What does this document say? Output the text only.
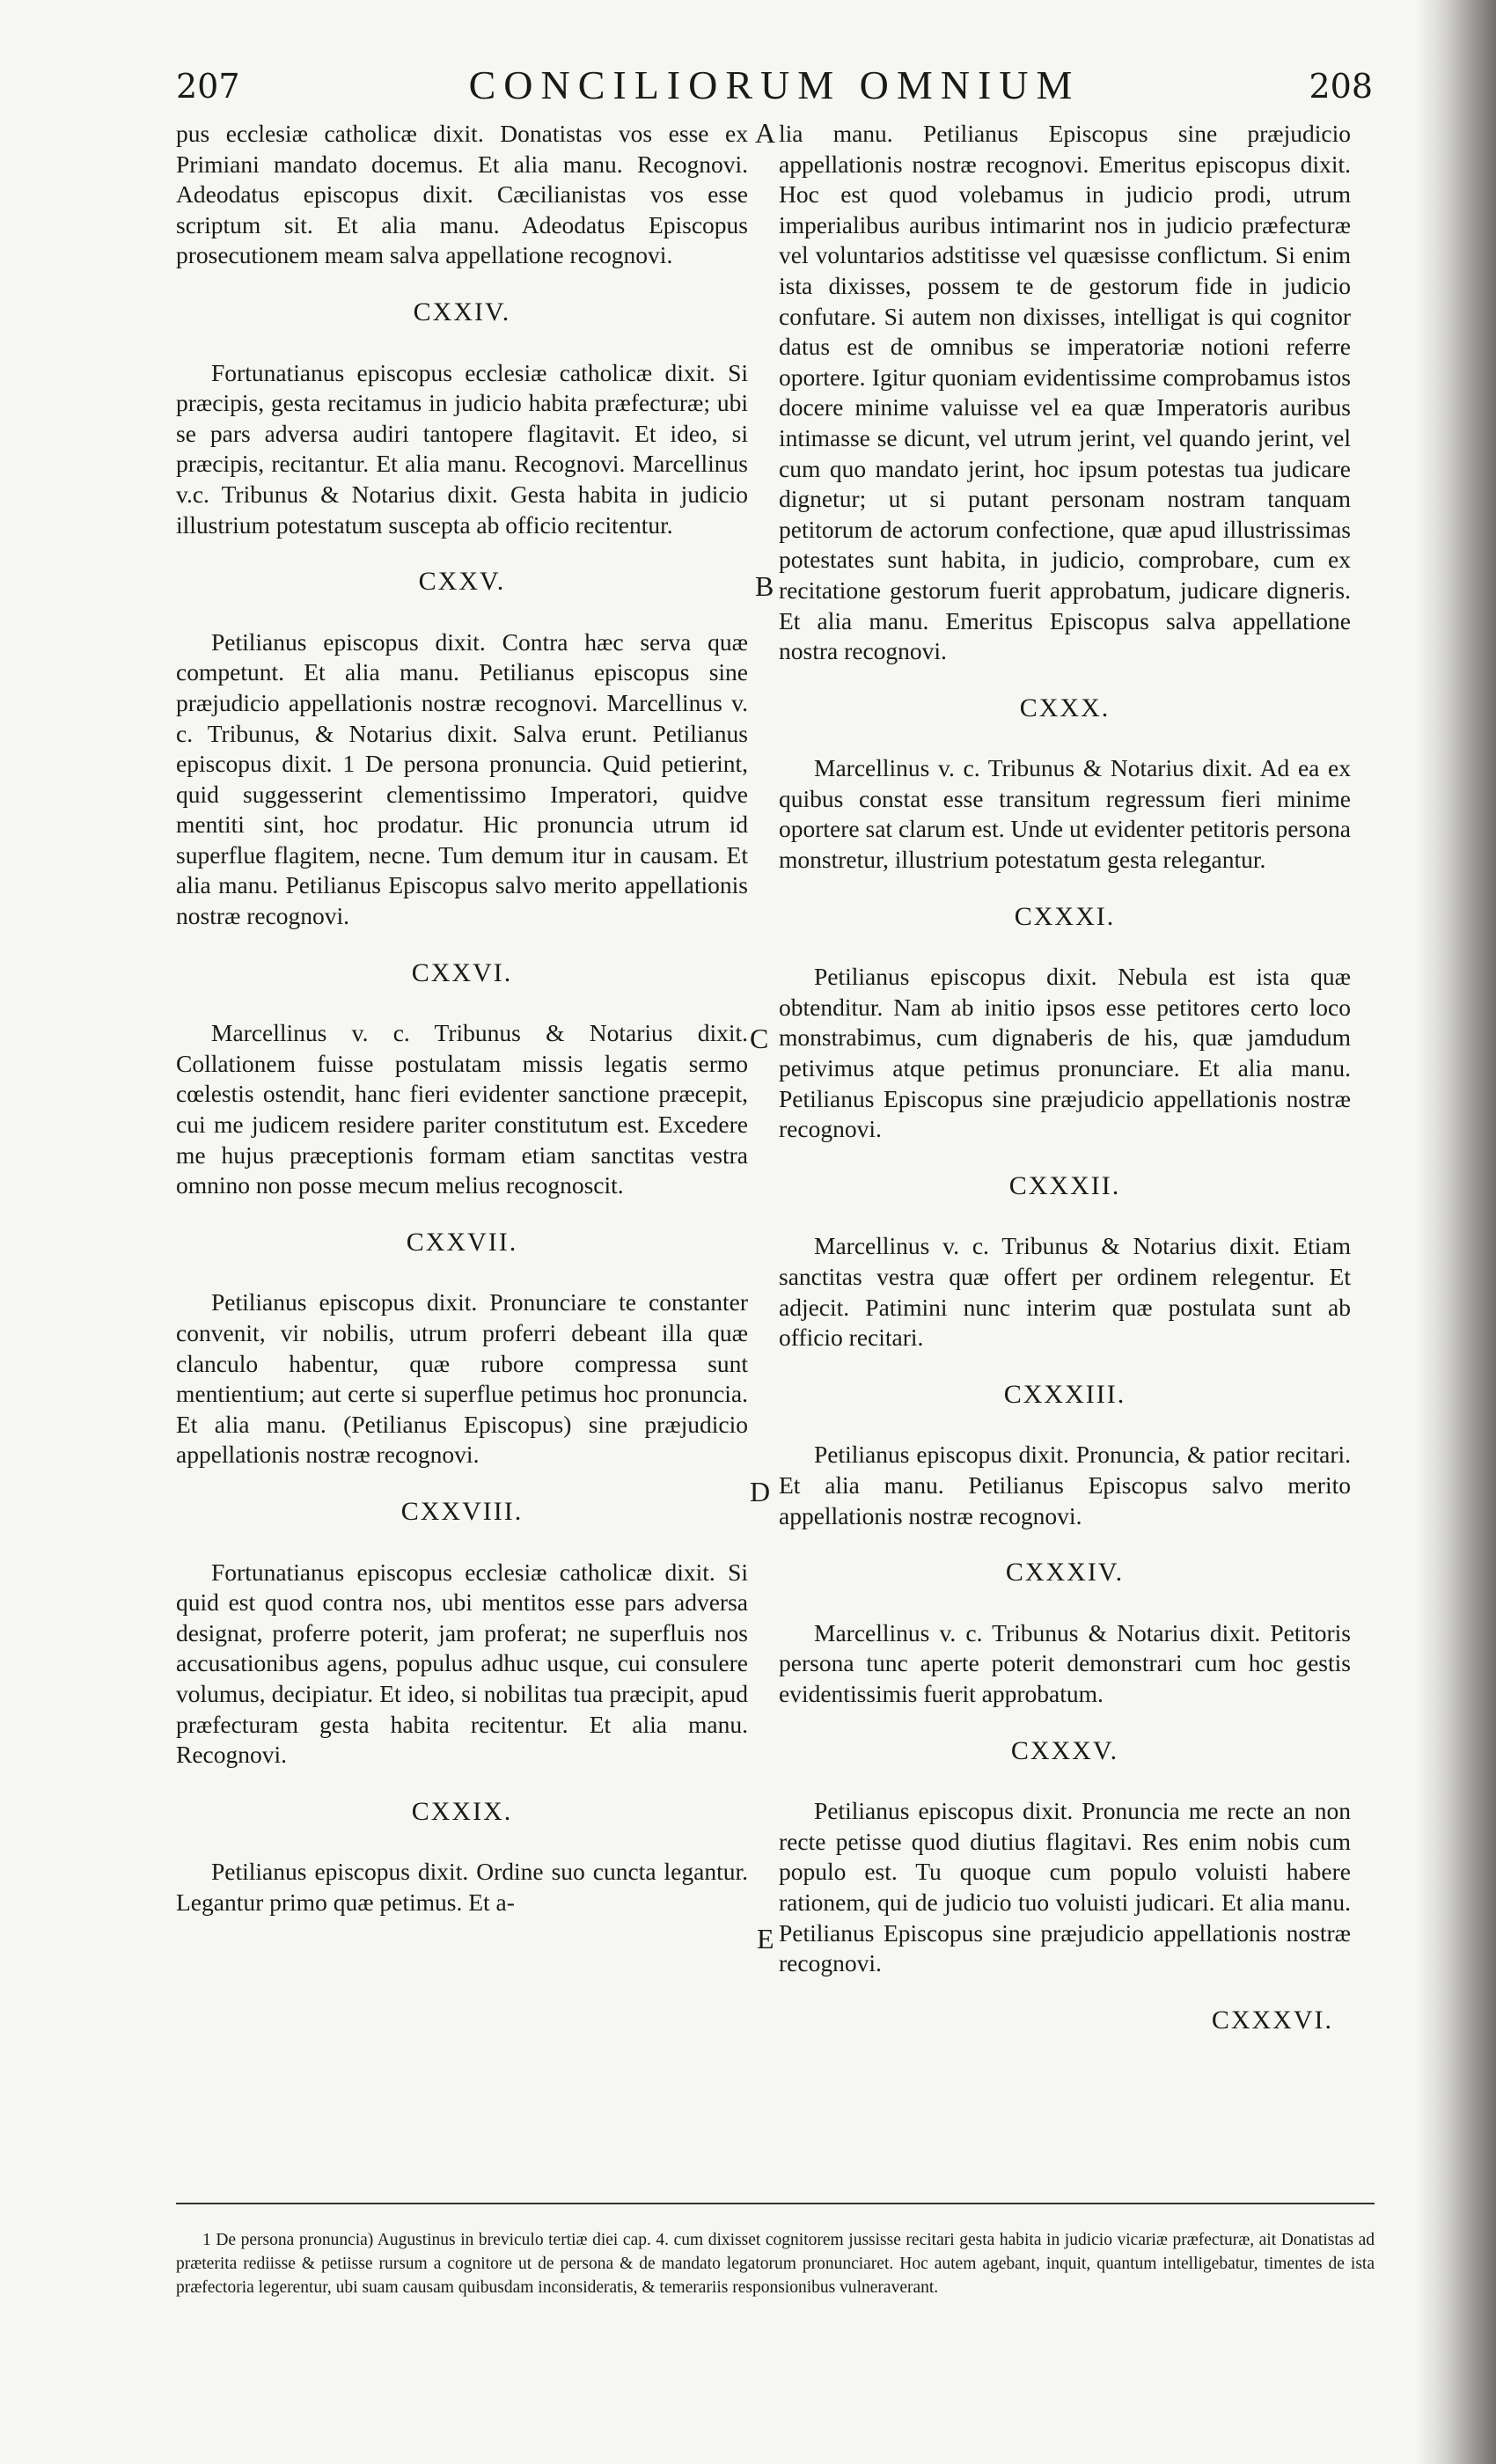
207	CONCILIORUM OMNIUM	208

pus ecclesiæ catholicæ dixit. Donatistas vos esse ex Primiani mandato docemus. Et alia manu. Recognovi. Adeodatus episcopus dixit. Cæcilianistas vos esse scriptum sit. Et alia manu. Adeodatus Episcopus prosecutionem meam salva appellatione recognovi.

CXXIV.

Fortunatianus episcopus ecclesiæ catholicæ dixit. Si præcipis, gesta recitamus in judicio habita præfecturæ; ubi se pars adversa audiri tantopere flagitavit. Et ideo, si præcipis, recitantur. Et alia manu. Recognovi. Marcellinus v.c. Tribunus & Notarius dixit. Gesta habita in judicio illustrium potestatum suscepta ab officio recitentur.

CXXV.

Petilianus episcopus dixit. Contra hæc serva quæ competunt. Et alia manu. Petilianus episcopus sine præjudicio appellationis nostræ recognovi. Marcellinus v. c. Tribunus, & Notarius dixit. Salva erunt. Petilianus episcopus dixit. 1 De persona pronuncia. Quid petierint, quid suggesserint clementissimo Imperatori, quidve mentiti sint, hoc prodatur. Hic pronuncia utrum id superflue flagitem, necne. Tum demum itur in causam. Et alia manu. Petilianus Episcopus salvo merito appellationis nostræ recognovi.

CXXVI.

Marcellinus v. c. Tribunus & Notarius dixit. Collationem fuisse postulatam missis legatis sermo cœlestis ostendit, hanc fieri evidenter sanctione præcepit, cui me judicem residere pariter constitutum est. Excedere me hujus præceptionis formam etiam sanctitas vestra omnino non posse mecum melius recognoscit.

CXXVII.

Petilianus episcopus dixit. Pronunciare te constanter convenit, vir nobilis, utrum proferri debeant illa quæ clanculo habentur, quæ rubore compressa sunt mentientium; aut certe si superflue petimus hoc pronuncia. Et alia manu. (Petilianus Episcopus) sine præjudicio appellationis nostræ recognovi.

CXXVIII.

Fortunatianus episcopus ecclesiæ catholicæ dixit. Si quid est quod contra nos, ubi mentitos esse pars adversa designat, proferre poterit, jam proferat; ne superfluis nos accusationibus agens, populus adhuc usque, cui consulere volumus, decipiatur. Et ideo, si nobilitas tua præcipit, apud præfecturam gesta habita recitentur. Et alia manu. Recognovi.

CXXIX.

Petilianus episcopus dixit. Ordine suo cuncta legantur. Legantur primo quæ petimus. Et a-

lia manu. Petilianus Episcopus sine præjudicio appellationis nostræ recognovi. Emeritus episcopus dixit. Hoc est quod volebamus in judicio prodi, utrum imperialibus auribus intimarint nos in judicio præfecturæ vel voluntarios adstitisse vel quæsisse conflictum. Si enim ista dixisses, possem te de gestorum fide in judicio confutare. Si autem non dixisses, intelligat is qui cognitor datus est de omnibus se imperatoriæ notioni referre oportere. Igitur quoniam evidentissime comprobamus istos docere minime valuisse vel ea quæ Imperatoris auribus intimasse se dicunt, vel utrum jerint, vel quando jerint, vel cum quo mandato jerint, hoc ipsum potestas tua judicare dignetur; ut si putant personam nostram tanquam petitorum de actorum confectione, quæ apud illustrissimas potestates sunt habita, in judicio, comprobare, cum ex recitatione gestorum fuerit approbatum, judicare digneris. Et alia manu. Emeritus Episcopus salva appellatione nostra recognovi.

CXXX.

Marcellinus v. c. Tribunus & Notarius dixit. Ad ea ex quibus constat esse transitum regressum fieri minime oportere sat clarum est. Unde ut evidenter petitoris persona monstretur, illustrium potestatum gesta relegantur.

CXXXI.

Petilianus episcopus dixit. Nebula est ista quæ obtenditur. Nam ab initio ipsos esse petitores certo loco monstrabimus, cum dignaberis de his, quæ jamdudum petivimus atque petimus pronunciare. Et alia manu. Petilianus Episcopus sine præjudicio appellationis nostræ recognovi.

CXXXII.

Marcellinus v. c. Tribunus & Notarius dixit. Etiam sanctitas vestra quæ offert per ordinem relegentur. Et adjecit. Patimini nunc interim quæ postulata sunt ab officio recitari.

CXXXIII.

Petilianus episcopus dixit. Pronuncia, & patior recitari. Et alia manu. Petilianus Episcopus salvo merito appellationis nostræ recognovi.

CXXXIV.

Marcellinus v. c. Tribunus & Notarius dixit. Petitoris persona tunc aperte poterit demonstrari cum hoc gestis evidentissimis fuerit approbatum.

CXXXV.

Petilianus episcopus dixit. Pronuncia me recte an non recte petisse quod diutius flagitavi. Res enim nobis cum populo est. Tu quoque cum populo voluisti habere rationem, qui de judicio tuo voluisti judicari. Et alia manu. Petilianus Episcopus sine præjudicio appellationis nostræ recognovi.

CXXXVI.
A
B
C
D
E

1 De persona pronuncia) Augustinus in breviculo tertiæ diei cap. 4. cum dixisset cognitorem jussisse recitari gesta habita in judicio vicariæ præfecturæ, ait Donatistas ad præterita rediisse & petiisse rursum a cognitore ut de persona & de mandato legatorum pronunciaret. Hoc autem agebant, inquit, quantum intelligebatur, timentes de ista præfectoria legerentur, ubi suam causam quibusdam inconsideratis, & temerariis responsionibus vulneraverant.
